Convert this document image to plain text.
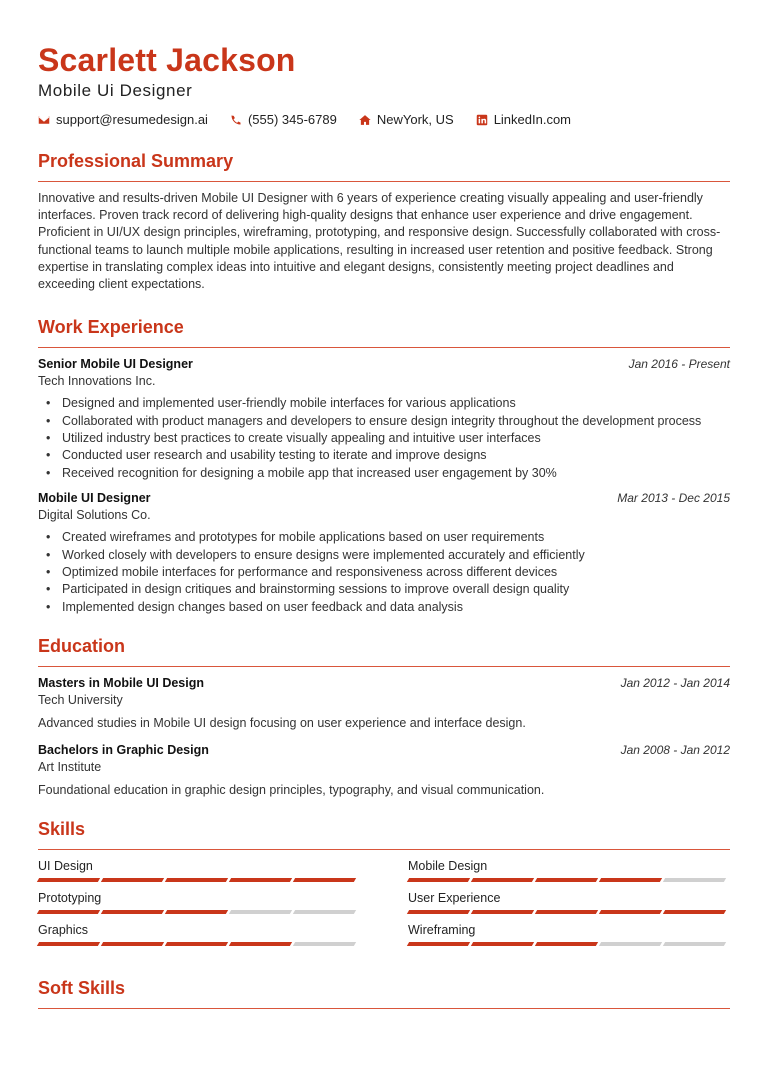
Scarlett Jackson
Mobile Ui Designer
support@resumedesign.ai	(555) 345-6789	NewYork, US	LinkedIn.com
Professional Summary

Innovative and results-driven Mobile UI Designer with 6 years of experience creating visually appealing and user-friendly interfaces. Proven track record of delivering high-quality designs that enhance user experience and drive engagement. Proficient in UI/UX design principles, wireframing, prototyping, and responsive design. Successfully collaborated with cross-functional teams to launch multiple mobile applications, resulting in increased user retention and positive feedback. Strong expertise in translating complex ideas into intuitive and elegant designs, consistently meeting project deadlines and exceeding client expectations.

Work Experience
Senior Mobile UI Designer	Jan 2016 - Present
Tech Innovations Inc.
• Designed and implemented user-friendly mobile interfaces for various applications
• Collaborated with product managers and developers to ensure design integrity throughout the development process
• Utilized industry best practices to create visually appealing and intuitive user interfaces
• Conducted user research and usability testing to iterate and improve designs
• Received recognition for designing a mobile app that increased user engagement by 30%
Mobile UI Designer	Mar 2013 - Dec 2015
Digital Solutions Co.
• Created wireframes and prototypes for mobile applications based on user requirements
• Worked closely with developers to ensure designs were implemented accurately and efficiently
• Optimized mobile interfaces for performance and responsiveness across different devices
• Participated in design critiques and brainstorming sessions to improve overall design quality
• Implemented design changes based on user feedback and data analysis
Education
Masters in Mobile UI Design	Jan 2012 - Jan 2014
Tech University
Advanced studies in Mobile UI design focusing on user experience and interface design.
Bachelors in Graphic Design	Jan 2008 - Jan 2012
Art Institute
Foundational education in graphic design principles, typography, and visual communication.
Skills
UI Design	Mobile Design
Prototyping	User Experience
Graphics	Wireframing
Soft Skills
